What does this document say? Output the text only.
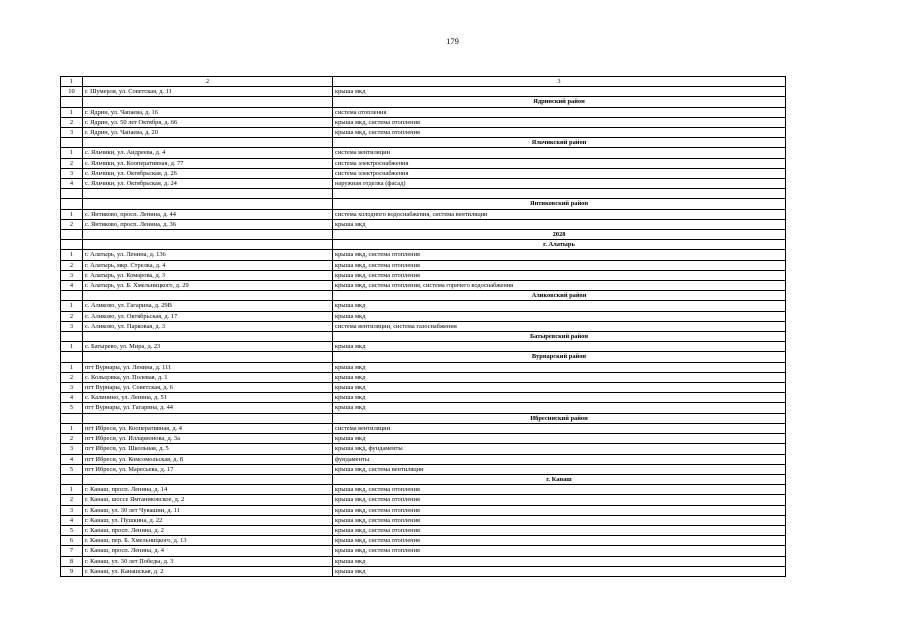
179
1	2	3
10	г. Шумерля, ул. Советская, д. 11	крыша мкд
		Ядринский район
1	г. Ядрин, ул. Чапаева, д. 16	система отопления
2	г. Ядрин, ул. 50 лет Октября, д. 66	крыша мкд, система отопления
3	г. Ядрин, ул. Чапаева, д. 20	крыша мкд, система отопления
		Яльчикский район
1	с. Яльчики, ул. Андреева, д. 4	система вентиляции
2	с. Яльчики, ул. Кооперативная, д. 77	система электроснабжения
3	с. Яльчики, ул. Октябрьская, д. 26	система электроснабжения
4	с. Яльчики, ул. Октябрьская, д. 24	наружная отделка (фасад)

		Янтиковский район
1	с. Янтиково, просп. Ленина, д. 44	система холодного водоснабжения, система вентиляции
2	с. Янтиково, просп. Ленина, д. 36	крыша мкд
		2028
		г. Алатырь
1	г. Алатырь, ул. Ленина, д. 136	крыша мкд, система отопления
2	г. Алатырь, мкр. Стрелка, д. 4	крыша мкд, система отопления
3	г. Алатырь, ул. Комарова, д. 3	крыша мкд, система отопления
4	г. Алатырь, ул. Б. Хмельницкого, д. 29	крыша мкд, система отопления, система горячего водоснабжения
		Аликовский район
1	с. Аликово, ул. Гагарина, д. 29В	крыша мкд
2	с. Аликово, ул. Октябрьская, д. 17	крыша мкд
3	с. Аликово, ул. Парковая, д. 3	система вентиляции, система газоснабжения
		Батыревский район
1	с. Батырево, ул. Мира, д. 23	крыша мкд
		Вурнарский район
1	пгт Вурнары, ул. Ленина, д. 111	крыша мкд
2	с. Кольцовка, ул. Полевая, д. 1	крыша мкд
3	пгт Вурнары, ул. Советская, д. 6	крыша мкд
4	с. Калинино, ул. Ленина, д. 51	крыша мкд
5	пгт Вурнары, ул. Гагарина, д. 44	крыша мкд
		Ибресинский район
1	пгт Ибреси, ул. Кооперативная, д. 4	система вентиляции
2	пгт Ибреси, ул. Илларионова, д. 3а	крыша мкд
3	пгт Ибреси, ул. Школьная, д. 5	крыша мкд, фундаменты
4	пгт Ибреси, ул. Комсомольская, д. 8	фундаменты
5	пгт Ибреси, ул. Маресьева, д. 17	крыша мкд, система вентиляции
		г. Канаш
1	г. Канаш, просп. Ленина, д. 14	крыша мкд, система отопления
2	г. Канаш, шоссе Ямтаниковское, д. 2	крыша мкд, система отопления
3	г. Канаш, ул. 30 лет Чувашии, д. 11	крыша мкд, система отопления
4	г. Канаш, ул. Пушкина, д. 22	крыша мкд, система отопления
5	г. Канаш, просп. Ленина, д. 2	крыша мкд, система отопления
6	г. Канаш, пер. Б. Хмельницкого, д. 13	крыша мкд, система отопления
7	г. Канаш, просп. Ленина, д. 4	крыша мкд, система отопления
8	г. Канаш, ул. 30 лет Победы, д. 3	крыша мкд
9	г. Канаш, ул. Канашская, д. 2	крыша мкд
